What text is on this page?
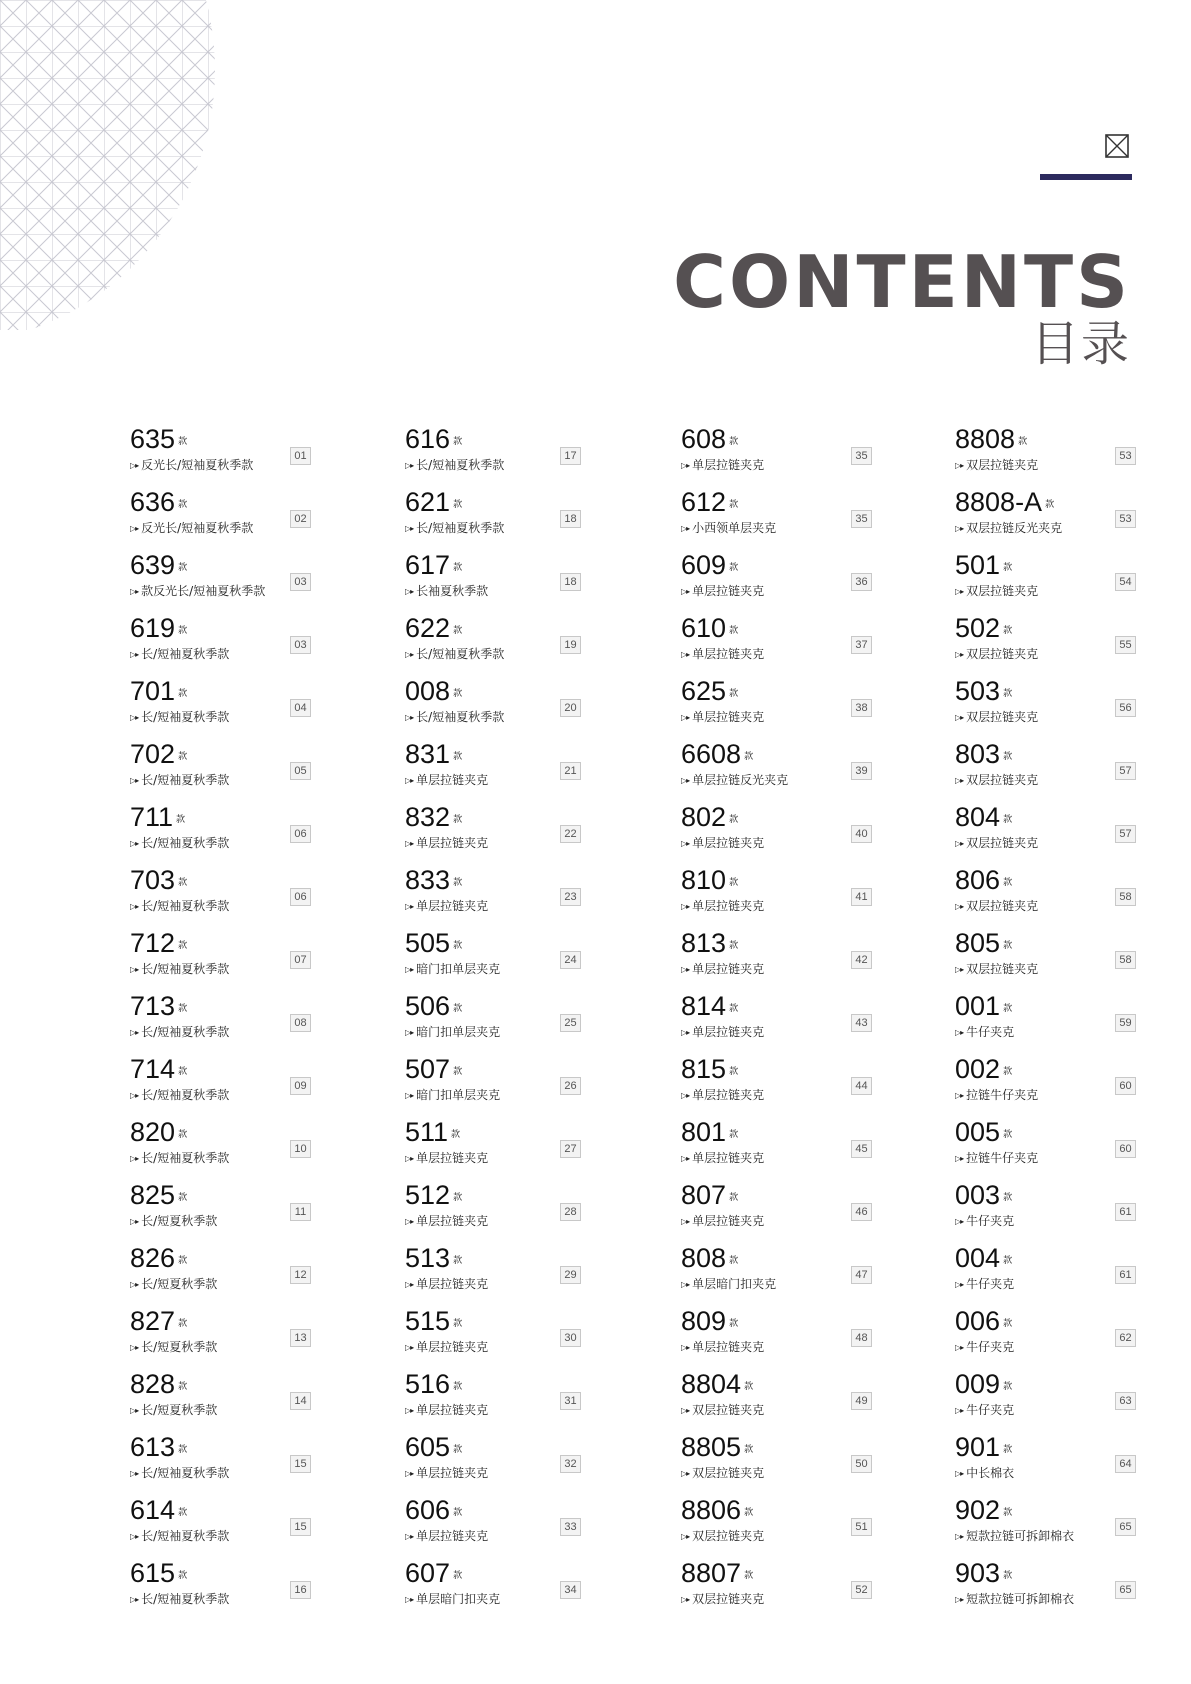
CONTENTS
目录
635 款
▷▸ 反光长/短袖夏秋季款
01
636 款
▷▸ 反光长/短袖夏秋季款
02
639 款
▷▸ 款反光长/短袖夏秋季款
03
619 款
▷▸ 长/短袖夏秋季款
03
701 款
▷▸ 长/短袖夏秋季款
04
702 款
▷▸ 长/短袖夏秋季款
05
711 款
▷▸ 长/短袖夏秋季款
06
703 款
▷▸ 长/短袖夏秋季款
06
712 款
▷▸ 长/短袖夏秋季款
07
713 款
▷▸ 长/短袖夏秋季款
08
714 款
▷▸ 长/短袖夏秋季款
09
820 款
▷▸ 长/短袖夏秋季款
10
825 款
▷▸ 长/短夏秋季款
11
826 款
▷▸ 长/短夏秋季款
12
827 款
▷▸ 长/短夏秋季款
13
828 款
▷▸ 长/短夏秋季款
14
613 款
▷▸ 长/短袖夏秋季款
15
614 款
▷▸ 长/短袖夏秋季款
15
615 款
▷▸ 长/短袖夏秋季款
16
616 款
▷▸ 长/短袖夏秋季款
17
621 款
▷▸ 长/短袖夏秋季款
18
617 款
▷▸ 长袖夏秋季款
18
622 款
▷▸ 长/短袖夏秋季款
19
008 款
▷▸ 长/短袖夏秋季款
20
831 款
▷▸ 单层拉链夹克
21
832 款
▷▸ 单层拉链夹克
22
833 款
▷▸ 单层拉链夹克
23
505 款
▷▸ 暗门扣单层夹克
24
506 款
▷▸ 暗门扣单层夹克
25
507 款
▷▸ 暗门扣单层夹克
26
511 款
▷▸ 单层拉链夹克
27
512 款
▷▸ 单层拉链夹克
28
513 款
▷▸ 单层拉链夹克
29
515 款
▷▸ 单层拉链夹克
30
516 款
▷▸ 单层拉链夹克
31
605 款
▷▸ 单层拉链夹克
32
606 款
▷▸ 单层拉链夹克
33
607 款
▷▸ 单层暗门扣夹克
34
608 款
▷▸ 单层拉链夹克
35
612 款
▷▸ 小西领单层夹克
35
609 款
▷▸ 单层拉链夹克
36
610 款
▷▸ 单层拉链夹克
37
625 款
▷▸ 单层拉链夹克
38
6608 款
▷▸ 单层拉链反光夹克
39
802 款
▷▸ 单层拉链夹克
40
810 款
▷▸ 单层拉链夹克
41
813 款
▷▸ 单层拉链夹克
42
814 款
▷▸ 单层拉链夹克
43
815 款
▷▸ 单层拉链夹克
44
801 款
▷▸ 单层拉链夹克
45
807 款
▷▸ 单层拉链夹克
46
808 款
▷▸ 单层暗门扣夹克
47
809 款
▷▸ 单层拉链夹克
48
8804 款
▷▸ 双层拉链夹克
49
8805 款
▷▸ 双层拉链夹克
50
8806 款
▷▸ 双层拉链夹克
51
8807 款
▷▸ 双层拉链夹克
52
8808 款
▷▸ 双层拉链夹克
53
8808-A 款
▷▸ 双层拉链反光夹克
53
501 款
▷▸ 双层拉链夹克
54
502 款
▷▸ 双层拉链夹克
55
503 款
▷▸ 双层拉链夹克
56
803 款
▷▸ 双层拉链夹克
57
804 款
▷▸ 双层拉链夹克
57
806 款
▷▸ 双层拉链夹克
58
805 款
▷▸ 双层拉链夹克
58
001 款
▷▸ 牛仔夹克
59
002 款
▷▸ 拉链牛仔夹克
60
005 款
▷▸ 拉链牛仔夹克
60
003 款
▷▸ 牛仔夹克
61
004 款
▷▸ 牛仔夹克
61
006 款
▷▸ 牛仔夹克
62
009 款
▷▸ 牛仔夹克
63
901 款
▷▸ 中长棉衣
64
902 款
▷▸ 短款拉链可拆卸棉衣
65
903 款
▷▸ 短款拉链可拆卸棉衣
65
